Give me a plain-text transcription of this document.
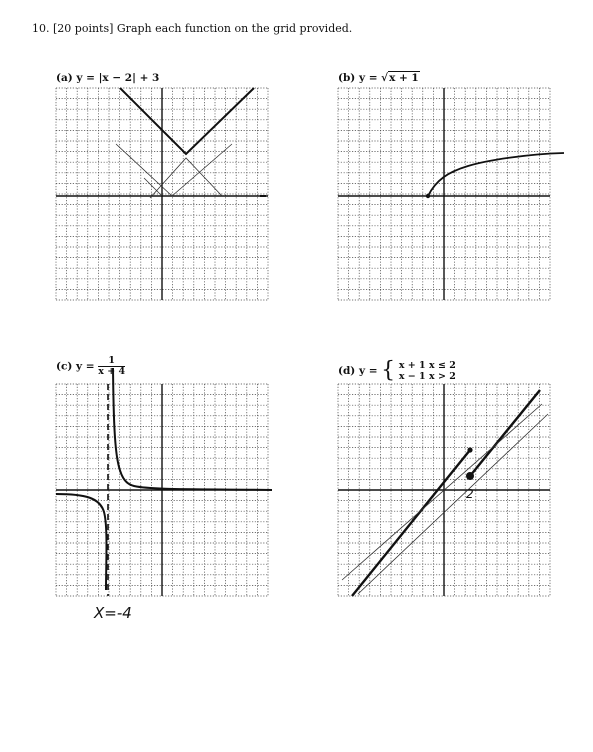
10. [20 points] Graph each function on the grid provided.
(a) y = |x − 2| + 3	(b) y = √x + 1
(c) $y = \frac{1}{x + 4}$	(d) y = { x + 1 x ≤ 2
x − 1 x > 2
X=-4
2
